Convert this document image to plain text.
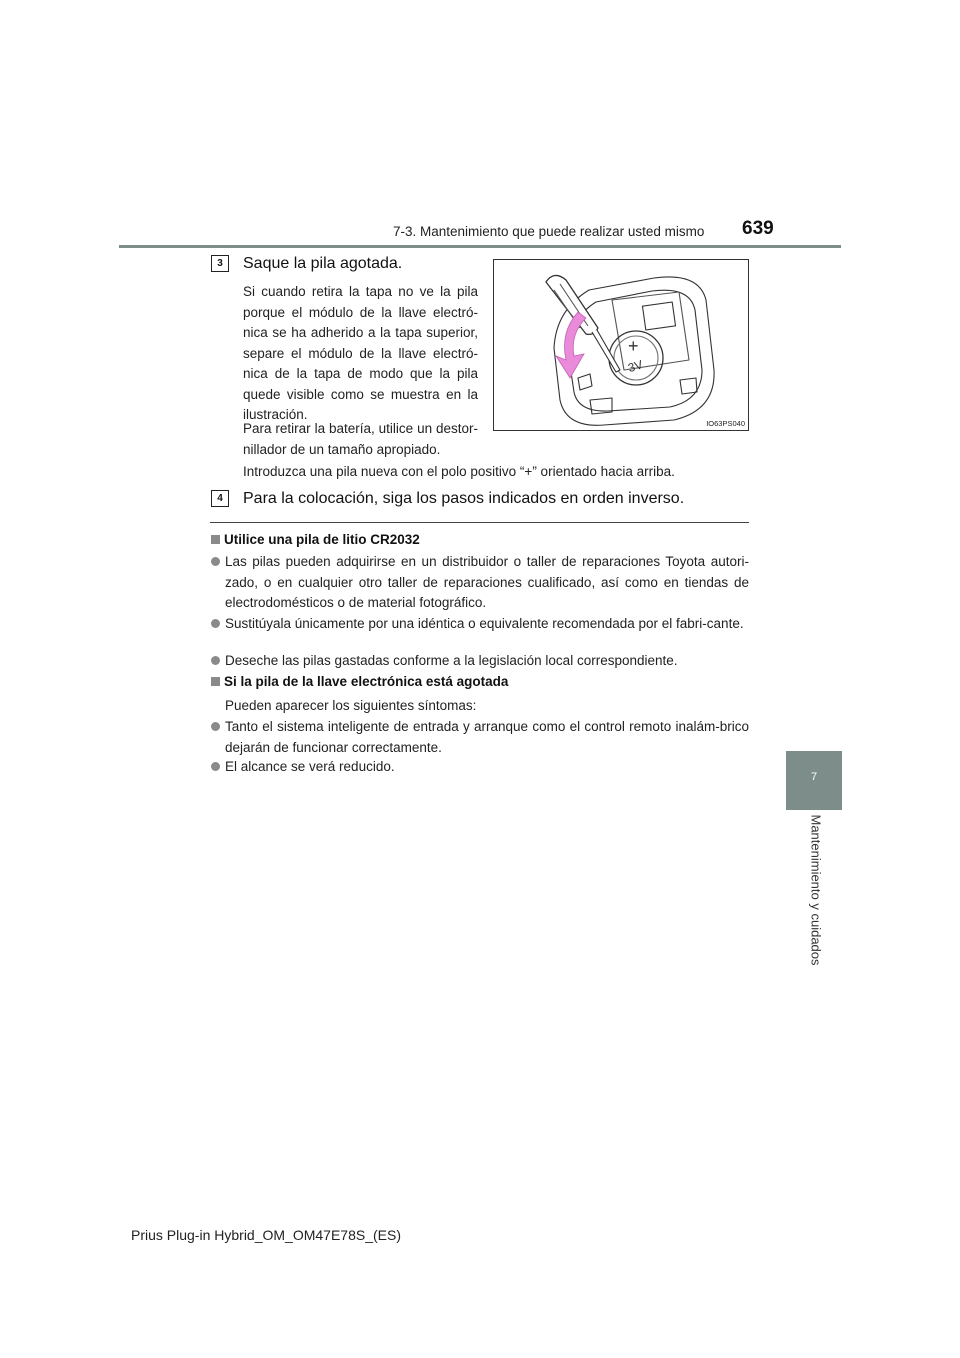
7-3. Mantenimiento que puede realizar usted mismo 639
7
Mantenimiento y cuidados
3	Saque la pila agotada.
Si cuando retira la tapa no ve la pila porque el módulo de la llave electró-nica se ha adherido a la tapa superior, separe el módulo de la llave electró-nica de la tapa de modo que la pila quede visible como se muestra en la ilustración.
Para retirar la batería, utilice un destor-nillador de un tamaño apropiado.
Introduzca una pila nueva con el polo positivo “+” orientado hacia arriba.
+
3V
IO63PS040
4	Para la colocación, siga los pasos indicados en orden inverso.
Utilice una pila de litio CR2032
Las pilas pueden adquirirse en un distribuidor o taller de reparaciones Toyota autori-zado, o en cualquier otro taller de reparaciones cualificado, así como en tiendas de electrodomésticos o de material fotográfico.
Sustitúyala únicamente por una idéntica o equivalente recomendada por el fabri-cante.
Deseche las pilas gastadas conforme a la legislación local correspondiente.
Si la pila de la llave electrónica está agotada
Pueden aparecer los siguientes síntomas:
Tanto el sistema inteligente de entrada y arranque como el control remoto inalám-brico dejarán de funcionar correctamente.
El alcance se verá reducido.
Prius Plug-in Hybrid_OM_OM47E78S_(ES)
